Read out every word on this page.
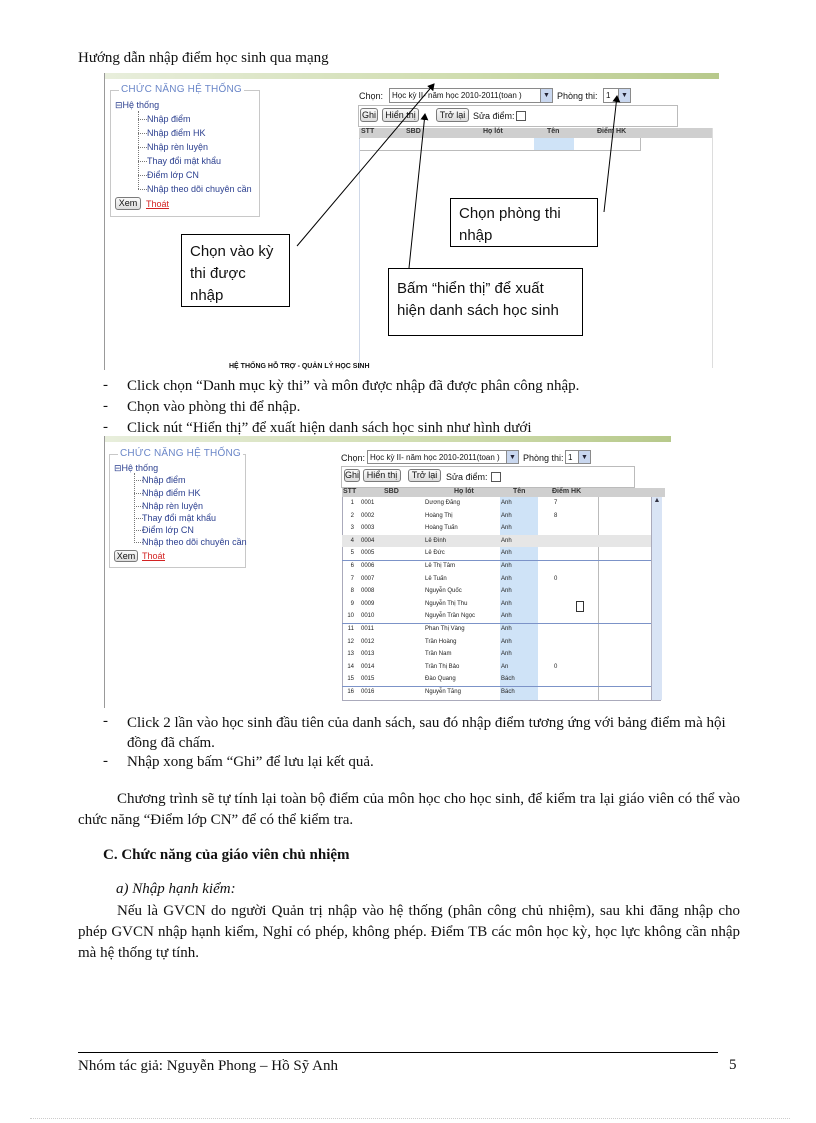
Hướng dẫn nhập điểm học sinh qua mạng
CHỨC NĂNG HỆ THỐNG
⊟Hệ thống
Nhập điểm
Nhập điểm HK
Nhập rèn luyện
Thay đổi mật khẩu
Điểm lớp CN
Nhập theo dõi chuyên cần
Xem Thoát
Chọn:	Học kỳ II- năm học 2010-2011(toan )	▼ Phòng thi:	1	▼
Ghi	Hiển thị	Trở lại Sửa điểm:
STT	SBD	Họ lót	Tên	Điểm HK
HỆ THỐNG HỖ TRỢ - QUẢN LÝ HỌC SINH
Chọn vào kỳ thi được nhập	Bấm “hiển thị” để xuất hiện danh sách học sinh
Chọn phòng thi nhập
- Click chọn “Danh mục kỳ thi” và môn được nhập đã được phân công nhập.
- Chọn vào phòng thi để nhập.
- Click nút “Hiển thị” để xuất hiện danh sách học sinh như hình dưới
CHỨC NĂNG HỆ THỐNG
⊟Hệ thống
Nhập điểm
Nhập điểm HK
Nhập rèn luyện
Thay đổi mật khẩu
Điểm lớp CN
Nhập theo dõi chuyên cần
Xem Thoát
Chọn: Học kỳ II- năm học 2010-2011(toan )	▼ Phòng thi: 1	▼
Ghi Hiển thị	Trở lại Sửa điểm:
STT	SBD	Họ lót	Tên	Điểm HK
▲
1 0001	Dương Đăng	Anh	7
2 0002	Hoàng Thị	Anh	8
3 0003	Hoàng Tuấn	Anh
4 0004	Lê Đình	Anh
5 0005	Lê Đức	Anh
6 0006	Lê Thị Tâm	Anh
7 0007	Lê Tuấn	Anh	0
8 0008	Nguyễn Quốc	Anh
9 0009	Nguyễn Thị Thu	Anh
10 0010	Nguyễn Trần Ngọc	Anh
11 0011	Phan Thị Vàng	Anh
12 0012	Trần Hoàng	Anh
13 0013	Trần Nam	Anh
14 0014	Trần Thị Bảo	An	0
15 0015	Đào Quang	Bách
16 0016	Nguyễn Tăng	Bách
- Click 2 lần vào học sinh đầu tiên của danh sách, sau đó nhập điểm tương ứng với bảng điểm mà hội đồng đã chấm.
- Nhập xong bấm “Ghi” để lưu lại kết quả.
Chương trình sẽ tự tính lại toàn bộ điểm của môn học cho học sinh, để kiểm tra lại giáo viên có thể vào chức năng “Điểm lớp CN” để có thể kiểm tra.
C. Chức năng của giáo viên chủ nhiệm
a) Nhập hạnh kiểm:
Nếu là GVCN do người Quản trị nhập vào hệ thống (phân công chủ nhiệm), sau khi đăng nhập cho phép GVCN nhập hạnh kiểm, Nghỉ có phép, không phép. Điểm TB các môn học kỳ, học lực không cần nhập mà hệ thống tự tính.
Nhóm tác giả: Nguyễn Phong – Hồ Sỹ Anh	5
